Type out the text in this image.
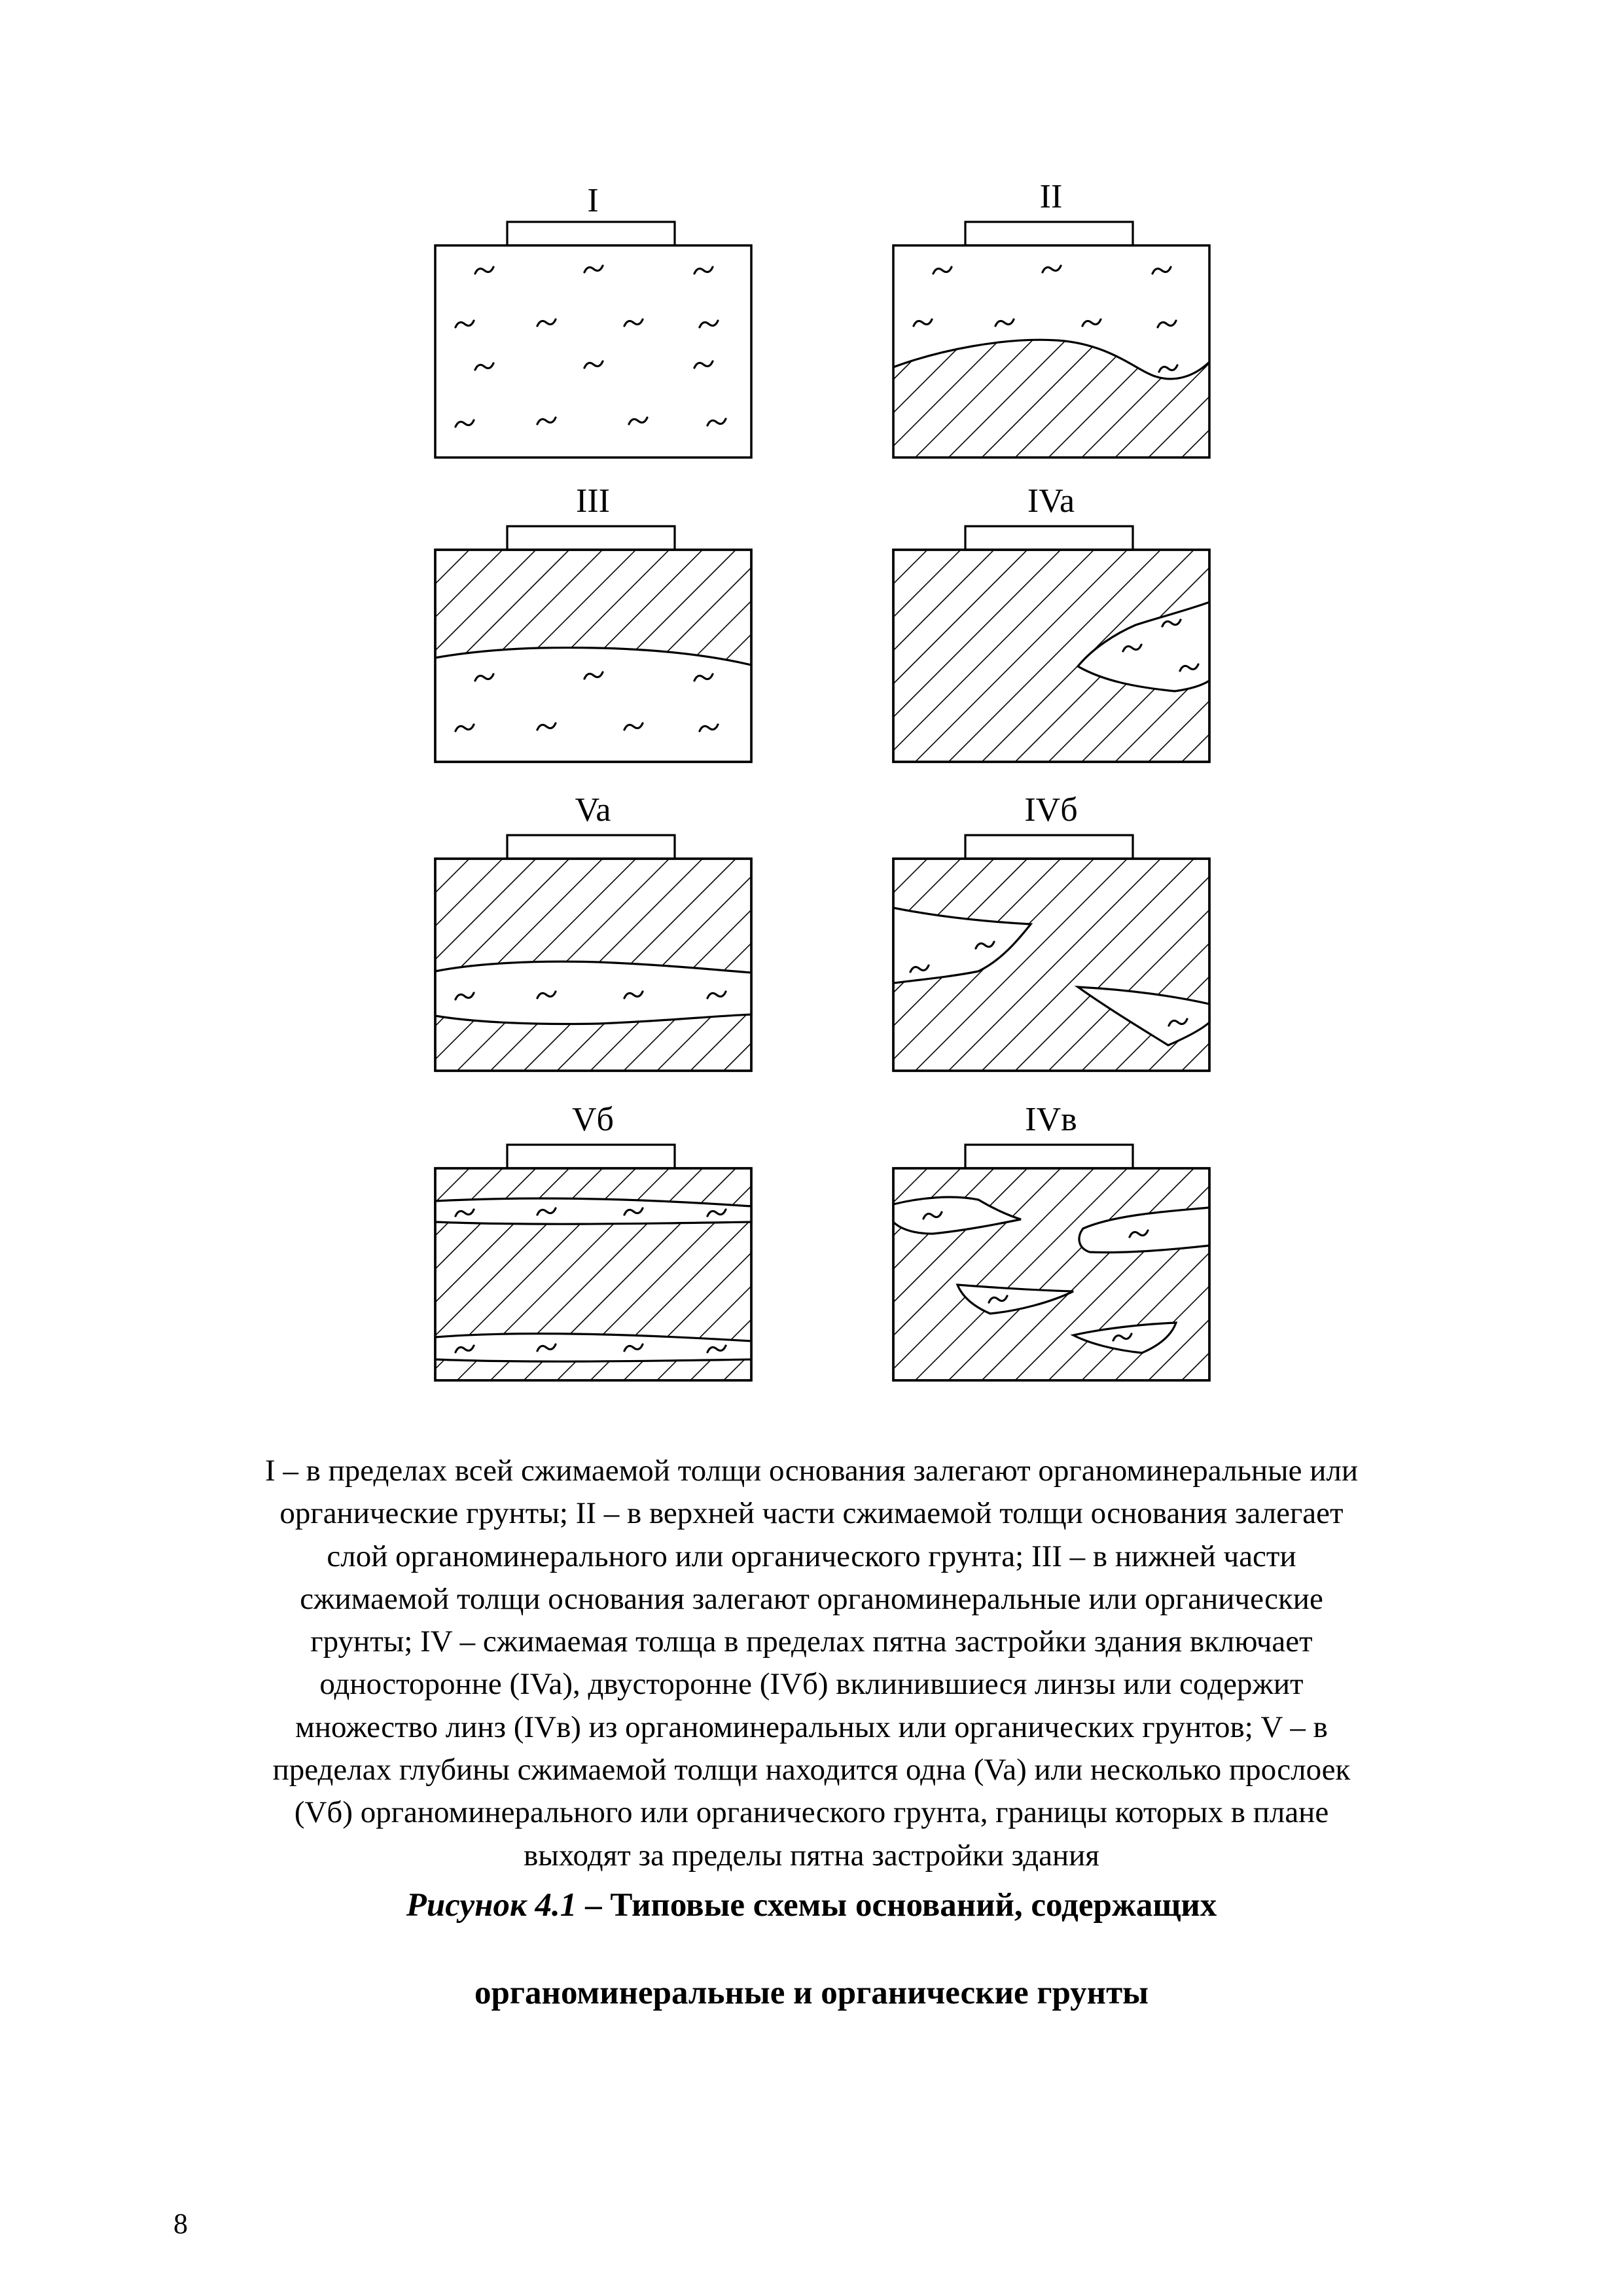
I	II
III	IVa
Va	IVб
Vб	IVв
I – в пределах всей сжимаемой толщи основания залегают органоминеральные или
органические грунты; II – в верхней части сжимаемой толщи основания залегает
слой органоминерального или органического грунта; III – в нижней части
сжимаемой толщи основания залегают органоминеральные или органические
грунты; IV – сжимаемая толща в пределах пятна застройки здания включает
односторонне (IVa), двусторонне (IVб) вклинившиеся линзы или содержит
множество линз (IVв) из органоминеральных или органических грунтов; V – в
пределах глубины сжимаемой толщи находится одна (Va) или несколько прослоек
(Vб) органоминерального или органического грунта, границы которых в плане
выходят за пределы пятна застройки здания
Рисунок 4.1 – Типовые схемы оснований, содержащих
органоминеральные и органические грунты
8
